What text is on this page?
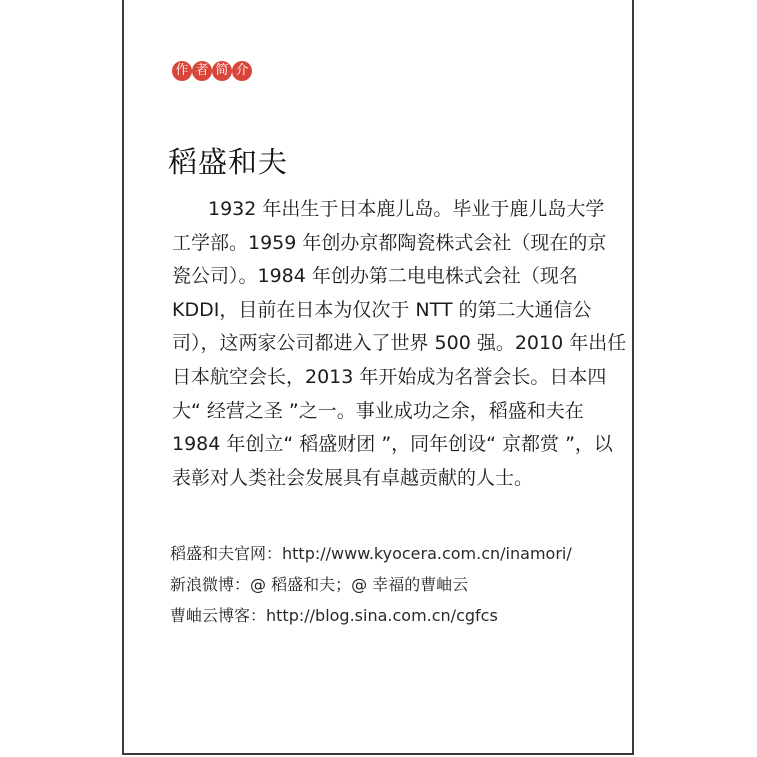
作 者 简 介
稻盛和夫
1932 年出生于日本鹿儿岛。毕业于鹿儿岛大学
工学部。1959 年创办京都陶瓷株式会社（现在的京
瓷公司）。1984 年创办第二电电株式会社（现名
KDDI，目前在日本为仅次于 NTT 的第二大通信公
司），这两家公司都进入了世界 500 强。2010 年出任
日本航空会长，2013 年开始成为名誉会长。日本四
大“ 经营之圣 ”之一。事业成功之余，稻盛和夫在
1984 年创立“ 稻盛财团 ”，同年创设“ 京都赏 ”，以
表彰对人类社会发展具有卓越贡献的人士。
稻盛和夫官网：http://www.kyocera.com.cn/inamori/
新浪微博：@ 稻盛和夫；@ 幸福的曹岫云
曹岫云博客：http://blog.sina.com.cn/cgfcs
